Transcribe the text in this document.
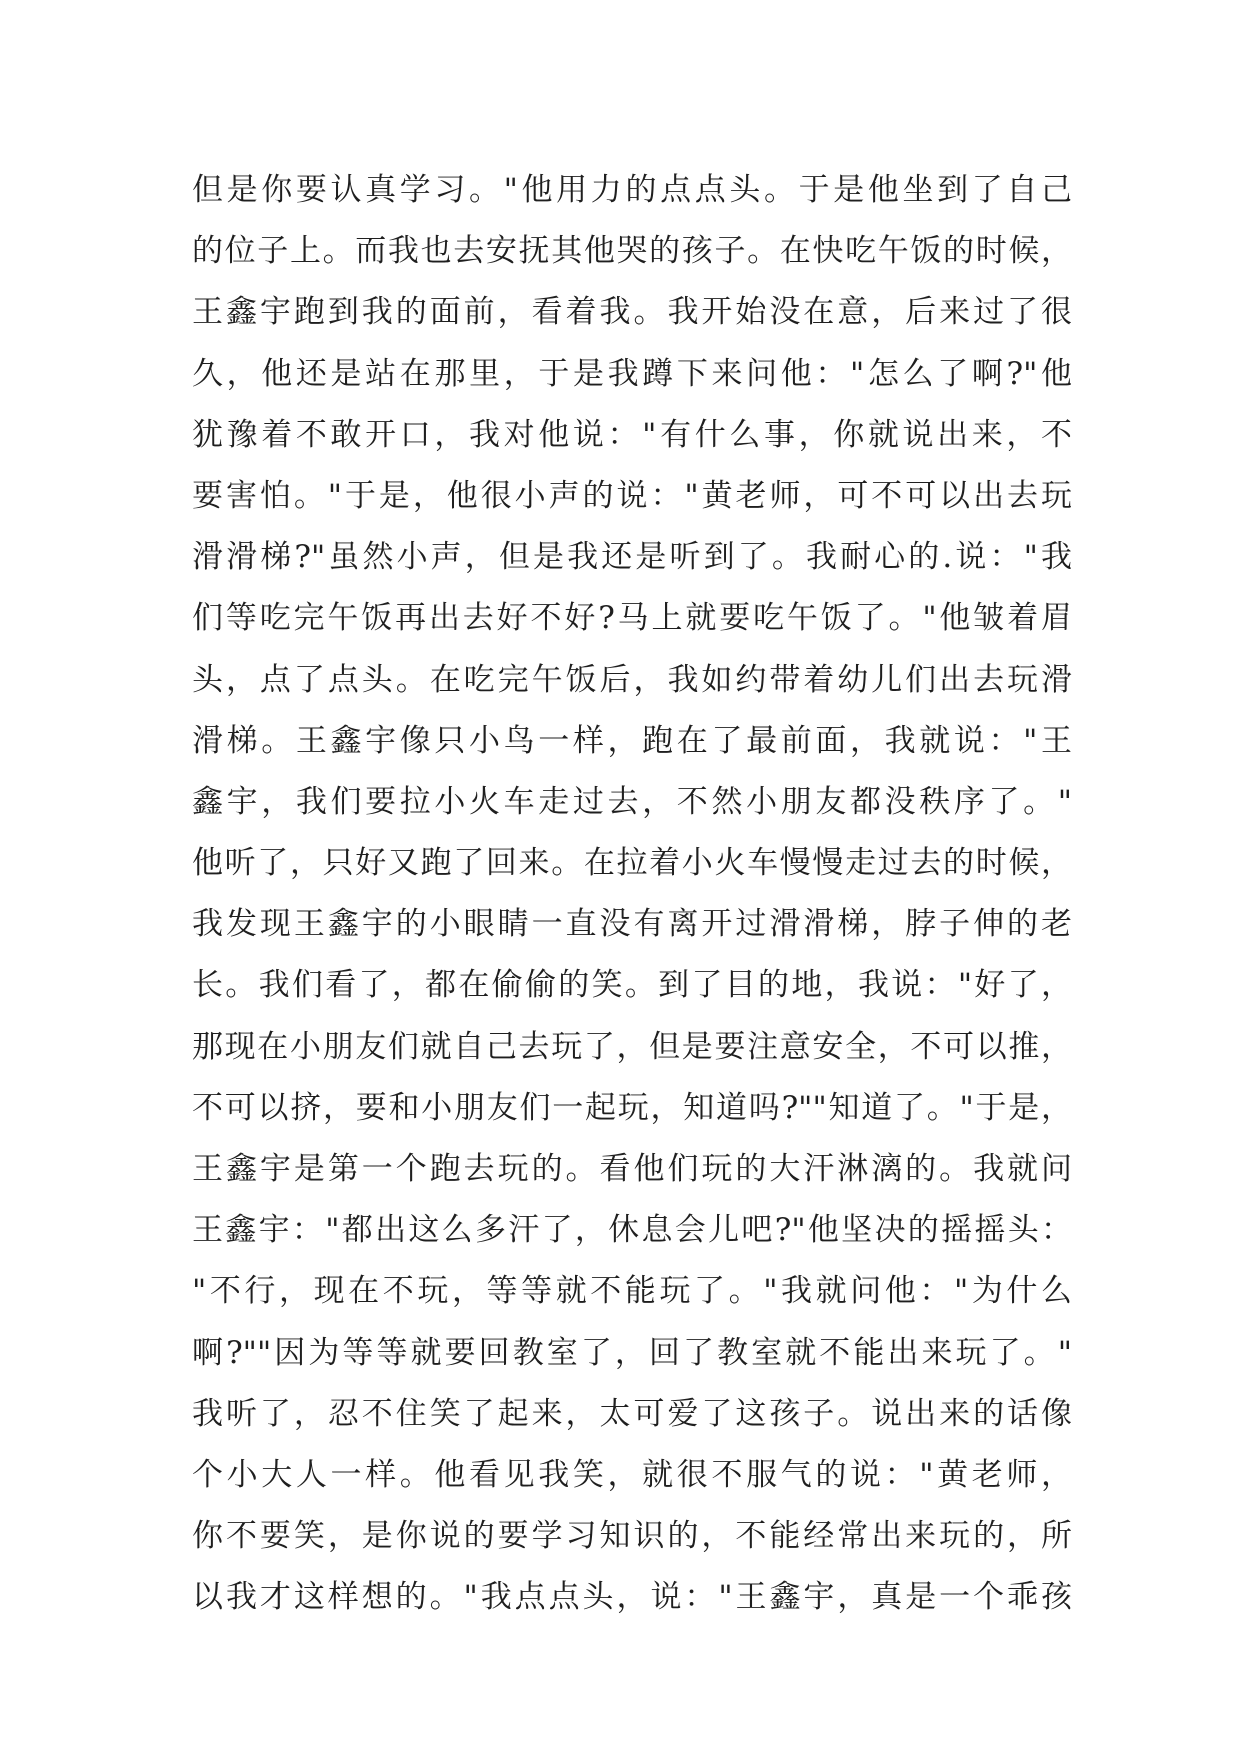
但是你要认真学习。"他用力的点点头。于是他坐到了自己
的位子上。而我也去安抚其他哭的孩子。在快吃午饭的时候，
王鑫宇跑到我的面前，看着我。我开始没在意，后来过了很
久，他还是站在那里，于是我蹲下来问他："怎么了啊?"他
犹豫着不敢开口，我对他说："有什么事，你就说出来，不
要害怕。"于是，他很小声的说："黄老师，可不可以出去玩
滑滑梯?"虽然小声，但是我还是听到了。我耐心的.说："我
们等吃完午饭再出去好不好?马上就要吃午饭了。"他皱着眉
头，点了点头。在吃完午饭后，我如约带着幼儿们出去玩滑
滑梯。王鑫宇像只小鸟一样，跑在了最前面，我就说："王
鑫宇，我们要拉小火车走过去，不然小朋友都没秩序了。"
他听了，只好又跑了回来。在拉着小火车慢慢走过去的时候，
我发现王鑫宇的小眼睛一直没有离开过滑滑梯，脖子伸的老
长。我们看了，都在偷偷的笑。到了目的地，我说："好了，
那现在小朋友们就自己去玩了，但是要注意安全，不可以推，
不可以挤，要和小朋友们一起玩，知道吗?""知道了。"于是，
王鑫宇是第一个跑去玩的。看他们玩的大汗淋漓的。我就问
王鑫宇："都出这么多汗了，休息会儿吧?"他坚决的摇摇头：
"不行，现在不玩，等等就不能玩了。"我就问他："为什么
啊?""因为等等就要回教室了，回了教室就不能出来玩了。"
我听了，忍不住笑了起来，太可爱了这孩子。说出来的话像
个小大人一样。他看见我笑，就很不服气的说："黄老师，
你不要笑，是你说的要学习知识的，不能经常出来玩的，所
以我才这样想的。"我点点头，说："王鑫宇，真是一个乖孩
